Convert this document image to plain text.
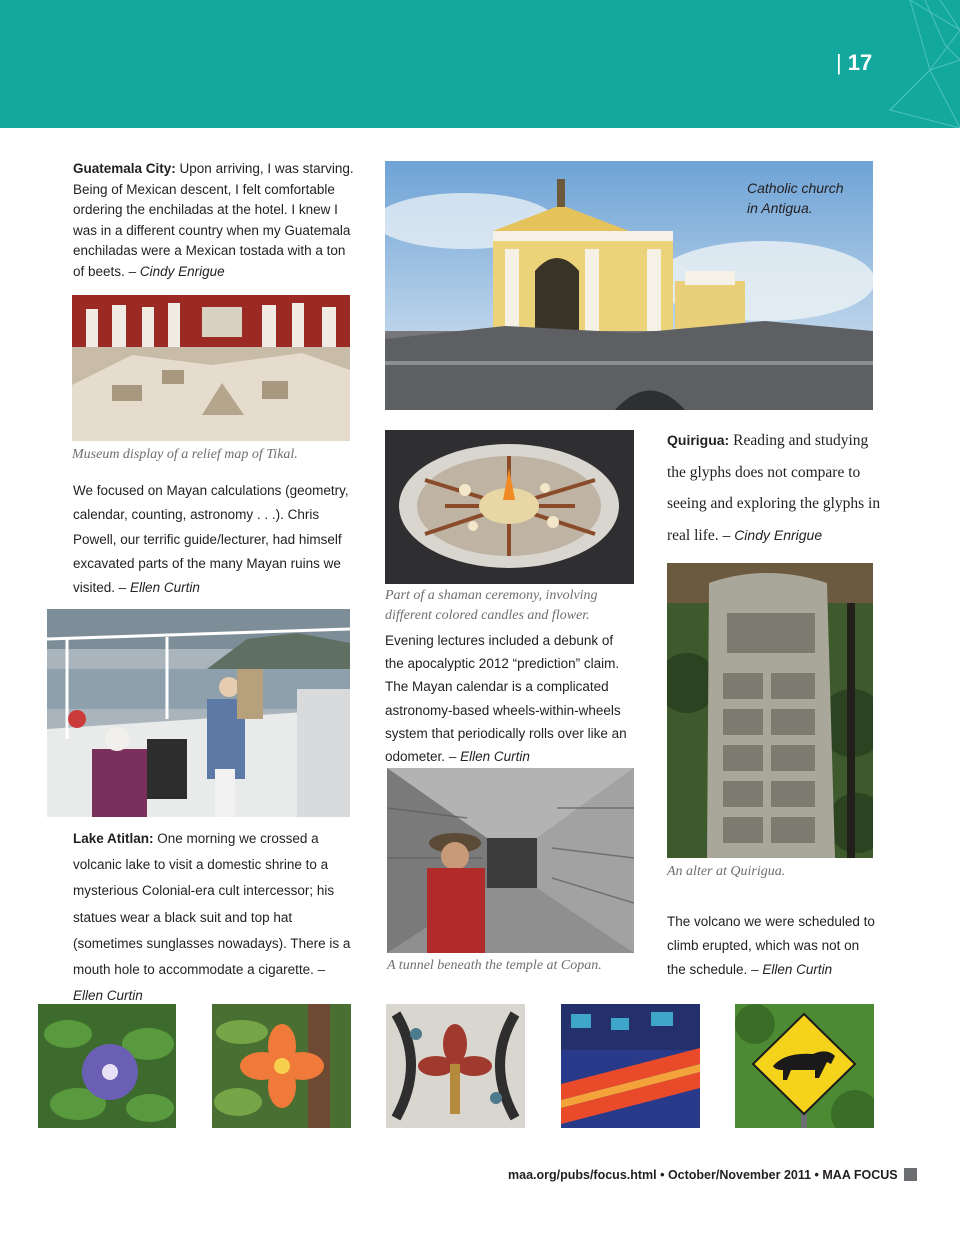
| 17
Guatemala City: Upon arriving, I was starving. Being of Mexican descent, I felt comfortable ordering the enchiladas at the hotel. I knew I was in a different country when my Guatemala enchiladas were a Mexican tostada with a ton of beets. – Cindy Enrigue
Museum display of a relief map of Tikal.
We focused on Mayan calculations (geometry, calendar, counting, astronomy . . .). Chris Powell, our terrific guide/lecturer, had himself excavated parts of the many Mayan ruins we visited. – Ellen Curtin
Lake Atitlan: One morning we crossed a volcanic lake to visit a domestic shrine to a mysterious Colonial-era cult intercessor; his statues wear a black suit and top hat (sometimes sunglasses nowadays). There is a mouth hole to accommodate a cigarette. – Ellen Curtin
Catholic church
in Antigua.
Part of a shaman ceremony, involving different colored candles and flower.
Evening lectures included a debunk of the apocalyptic 2012 “prediction” claim. The Mayan calendar is a complicated astronomy-based wheels-within-wheels system that periodically rolls over like an odometer. – Ellen Curtin
A tunnel beneath the temple at Copan.
Quirigua: Reading and studying the glyphs does not compare to seeing and exploring the glyphs in real life. – Cindy Enrigue
An alter at Quirigua.
The volcano we were scheduled to climb erupted, which was not on the schedule. – Ellen Curtin
maa.org/pubs/focus.html • October/November 2011 • MAA FOCUS
